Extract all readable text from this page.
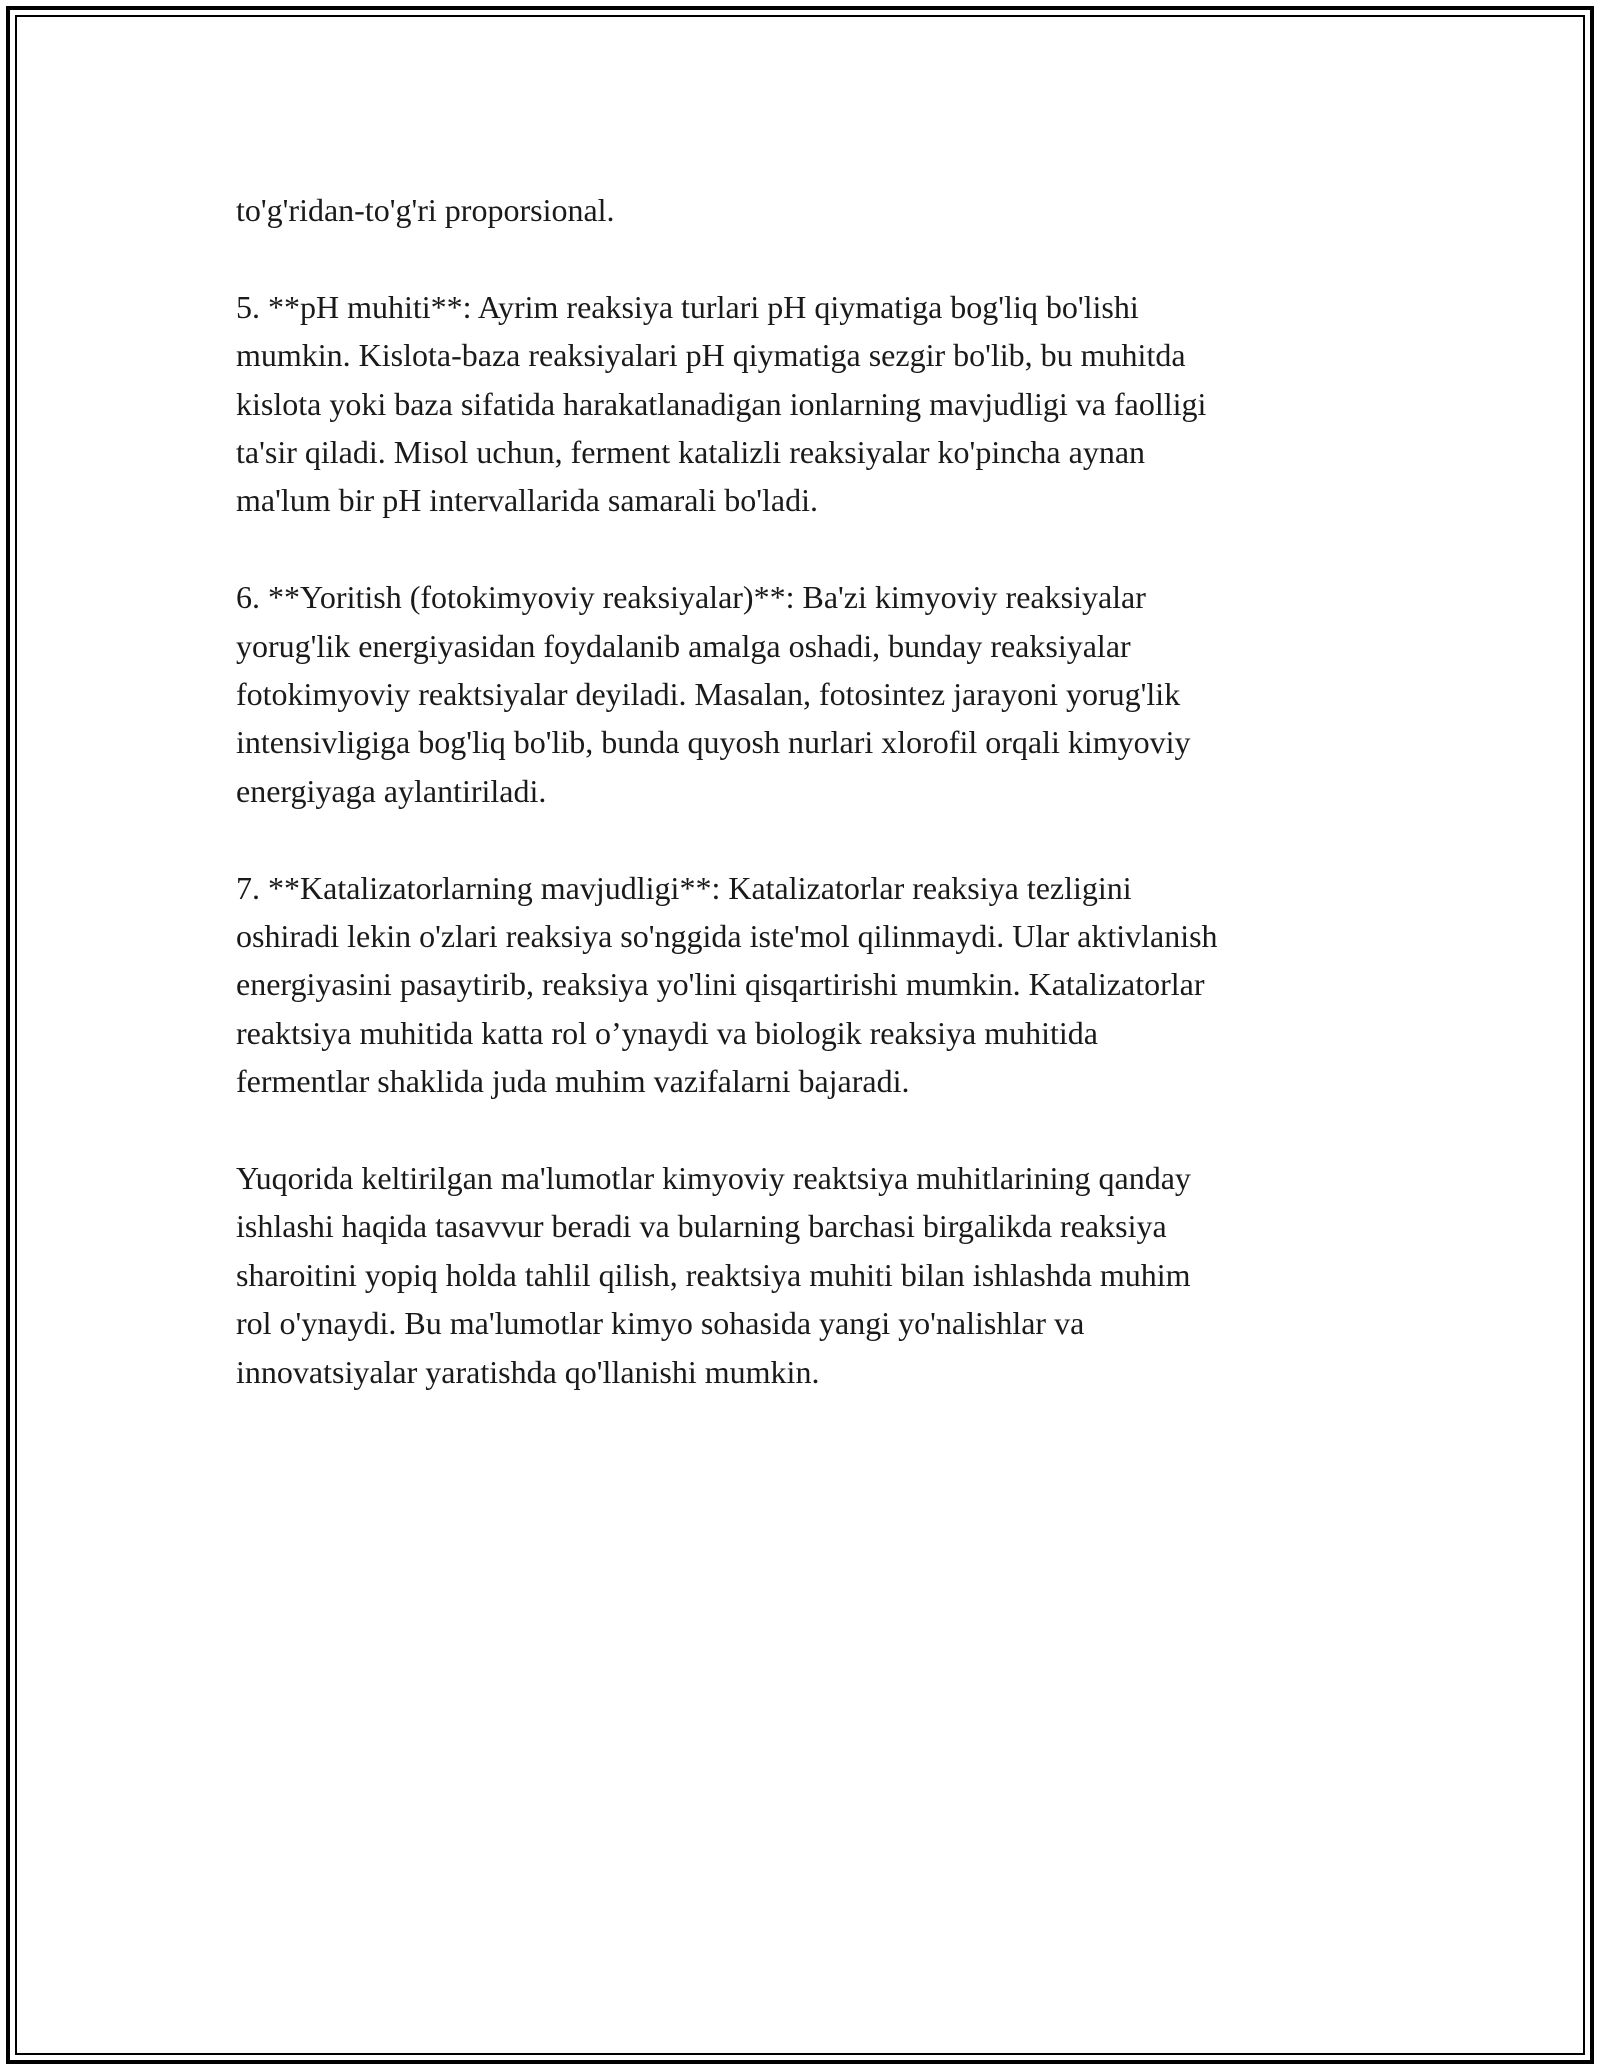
to'g'ridan-to'g'ri proporsional.

5. **pH muhiti**: Ayrim reaksiya turlari pH qiymatiga bog'liq bo'lishi
mumkin. Kislota-baza reaksiyalari pH qiymatiga sezgir bo'lib, bu muhitda
kislota yoki baza sifatida harakatlanadigan ionlarning mavjudligi va faolligi
ta'sir qiladi. Misol uchun, ferment katalizli reaksiyalar ko'pincha aynan
ma'lum bir pH intervallarida samarali bo'ladi.

6. **Yoritish (fotokimyoviy reaksiyalar)**: Ba'zi kimyoviy reaksiyalar
yorug'lik energiyasidan foydalanib amalga oshadi, bunday reaksiyalar
fotokimyoviy reaktsiyalar deyiladi. Masalan, fotosintez jarayoni yorug'lik
intensivligiga bog'liq bo'lib, bunda quyosh nurlari xlorofil orqali kimyoviy
energiyaga aylantiriladi.

7. **Katalizatorlarning mavjudligi**: Katalizatorlar reaksiya tezligini
oshiradi lekin o'zlari reaksiya so'nggida iste'mol qilinmaydi. Ular aktivlanish
energiyasini pasaytirib, reaksiya yo'lini qisqartirishi mumkin. Katalizatorlar
reaktsiya muhitida katta rol o’ynaydi va biologik reaksiya muhitida
fermentlar shaklida juda muhim vazifalarni bajaradi.

Yuqorida keltirilgan ma'lumotlar kimyoviy reaktsiya muhitlarining qanday
ishlashi haqida tasavvur beradi va bularning barchasi birgalikda reaksiya
sharoitini yopiq holda tahlil qilish, reaktsiya muhiti bilan ishlashda muhim
rol o'ynaydi. Bu ma'lumotlar kimyo sohasida yangi yo'nalishlar va
innovatsiyalar yaratishda qo'llanishi mumkin.
